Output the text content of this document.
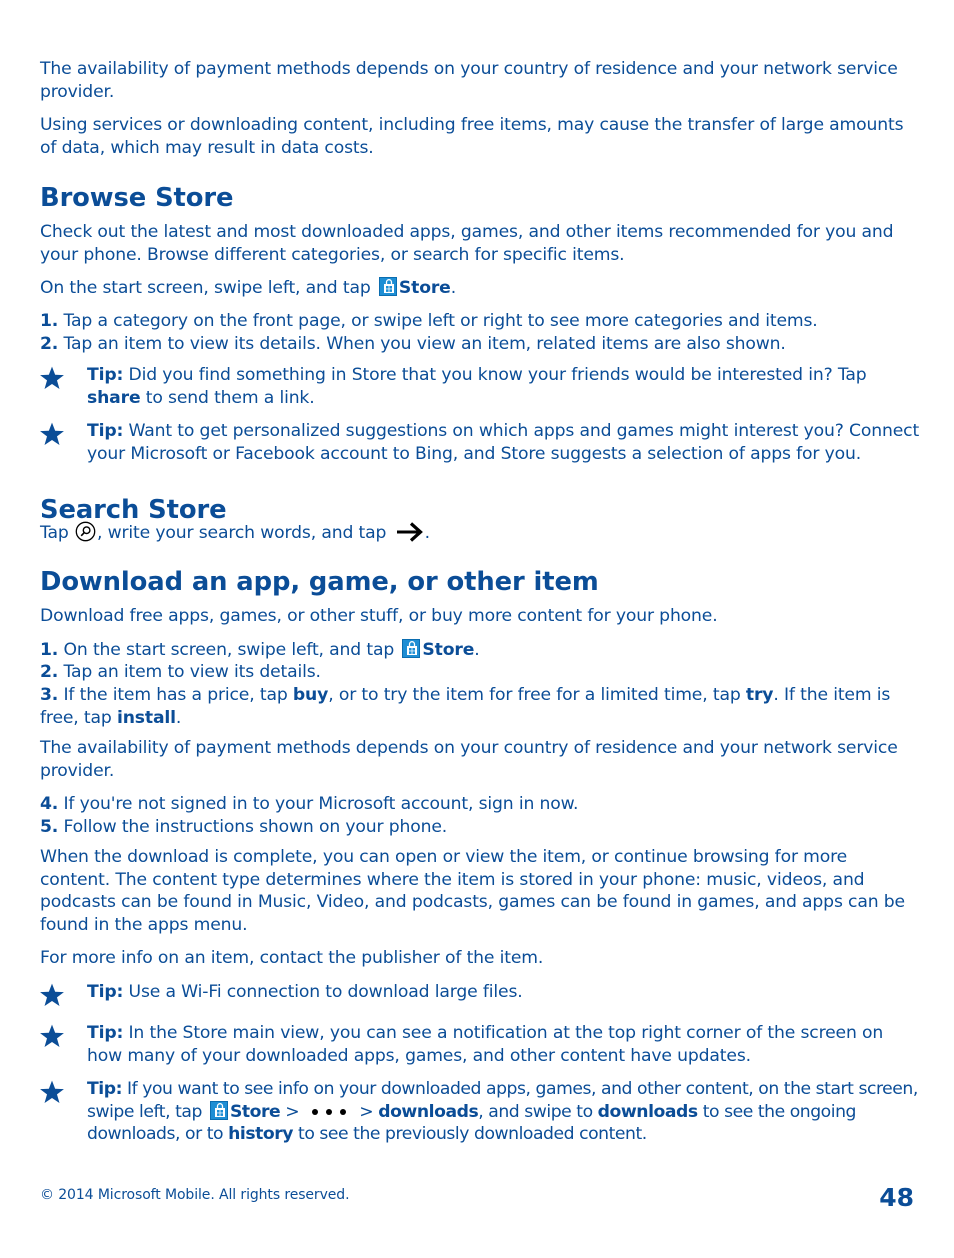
The availability of payment methods depends on your country of residence and your network service provider.

Using services or downloading content, including free items, may cause the transfer of large amounts of data, which may result in data costs.

Browse Store

Check out the latest and most downloaded apps, games, and other items recommended for you and your phone. Browse different categories, or search for specific items.

On the start screen, swipe left, and tap
Store.

1. Tap a category on the front page, or swipe left or right to see more categories and items.

2. Tap an item to view its details. When you view an item, related items are also shown.

Tip: Did you find something in Store that you know your friends would be interested in? Tap share to send them a link.

Tip: Want to get personalized suggestions on which apps and games might interest you? Connect your Microsoft or Facebook account to Bing, and Store suggests a selection of apps for you.

Search Store

Tap , write your search words, and tap .

Download an app, game, or other item

Download free apps, games, or other stuff, or buy more content for your phone.

1. On the start screen, swipe left, and tap
Store.

2. Tap an item to view its details.

3. If the item has a price, tap buy, or to try the item for free for a limited time, tap try. If the item is free, tap install.

The availability of payment methods depends on your country of residence and your network service provider.

4. If you're not signed in to your Microsoft account, sign in now.

5. Follow the instructions shown on your phone.

When the download is complete, you can open or view the item, or continue browsing for more content. The content type determines where the item is stored in your phone: music, videos, and podcasts can be found in Music, Video, and podcasts, games can be found in games, and apps can be found in the apps menu.

For more info on an item, contact the publisher of the item.

Tip: Use a Wi-Fi connection to download large files.

Tip: In the Store main view, you can see a notification at the top right corner of the screen on how many of your downloaded apps, games, and other content have updates.

Tip: If you want to see info on your downloaded apps, games, and other content, on the start screen, swipe left, tap
Store >	> downloads, and swipe to downloads to see the ongoing downloads, or to history to see the previously downloaded content.

© 2014 Microsoft Mobile. All rights reserved.	48
